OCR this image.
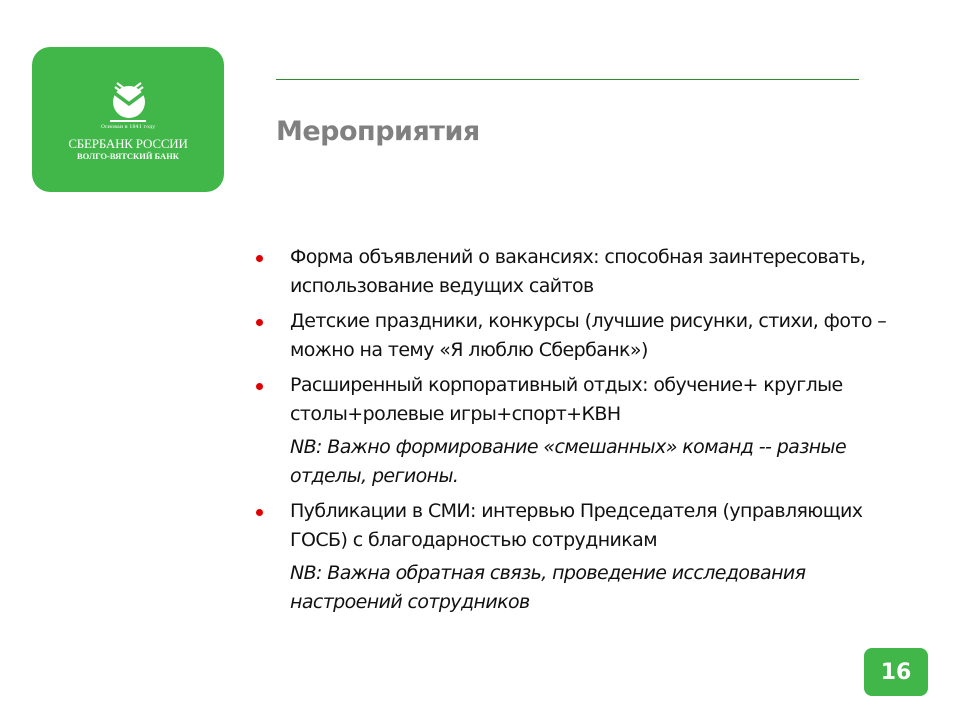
Основан в 1841 году
СБЕРБАНК РОССИИ
ВОЛГО-ВЯТСКИЙ БАНК
Мероприятия
Форма объявлений о вакансиях: способная заинтересовать, использование ведущих сайтов
Детские праздники, конкурсы (лучшие рисунки, стихи, фото – можно на тему «Я люблю Сбербанк»)
Расширенный корпоративный отдых: обучение+ круглые столы+ролевые игры+спорт+КВН
NB: Важно формирование «смешанных» команд -- разные отделы, регионы.
Публикации в СМИ: интервью Председателя (управляющих ГОСБ) с благодарностью сотрудникам
NB: Важна обратная связь, проведение исследования настроений сотрудников
16
